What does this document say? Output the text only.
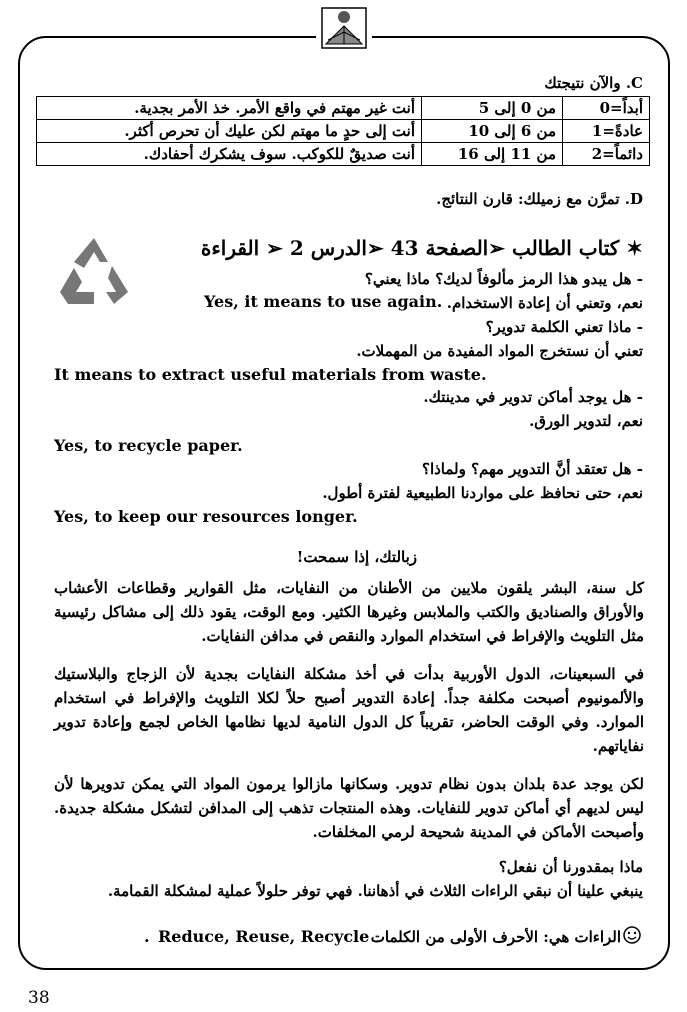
C. والآن نتيجتك
أبداً=0	من 0 إلى 5	أنت غير مهتم في واقع الأمر. خذ الأمر بجدية.
عادةً=1	من 6 إلى 10	أنت إلى حدٍ ما مهتم لكن عليك أن تحرص أكثر.
دائماً=2	من 11 إلى 16	أنت صديقٌ للكوكب. سوف يشكرك أحفادك.
D. تمرَّن مع زميلك: قارن النتائج.
✶ كتاب الطالب ➢الصفحة 43 ➢الدرس 2 ➢ القراءة
- هل يبدو هذا الرمز مألوفاً لديك؟ ماذا يعني؟
نعم، وتعني أن إعادة الاستخدام.
Yes, it means to use again.
- ماذا تعني الكلمة تدوير؟
تعني أن نستخرج المواد المفيدة من المهملات.
It means to extract useful materials from waste.
- هل يوجد أماكن تدوير في مدينتك.
نعم، لتدوير الورق.
Yes, to recycle paper.
- هل تعتقد أنَّ التدوير مهم؟ ولماذا؟
نعم، حتى نحافظ على مواردنا الطبيعية لفترة أطول.
Yes, to keep our resources longer.
زبالتك، إذا سمحت!
كل سنة، البشر يلقون ملايين من الأطنان من النفايات، مثل القوارير وقطاعات الأعشاب والأوراق والصناديق والكتب والملابس وغيرها الكثير. ومع الوقت، يقود ذلك إلى مشاكل رئيسية مثل التلويث والإفراط في استخدام الموارد والنقص في مدافن النفايات.
في السبعينات، الدول الأوربية بدأت في أخذ مشكلة النفايات بجدية لأن الزجاج والبلاستيك والألمونيوم أصبحت مكلفة جداً. إعادة التدوير أصبح حلاً لكلا التلويث والإفراط في استخدام الموارد. وفي الوقت الحاضر، تقريباً كل الدول النامية لديها نظامها الخاص لجمع وإعادة تدوير نفاياتهم.
لكن يوجد عدة بلدان بدون نظام تدوير. وسكانها مازالوا يرمون المواد التي يمكن تدويرها لأن ليس لديهم أي أماكن تدوير للنفايات. وهذه المنتجات تذهب إلى المدافن لتشكل مشكلة جديدة. وأصبحت الأماكن في المدينة شحيحة لرمي المخلفات.
ماذا بمقدورنا أن نفعل؟
ينبغي علينا أن نبقي الراءات الثلاث في أذهاننا. فهي توفر حلولاً عملية لمشكلة القمامة.
الراءات هي: الأحرف الأولى من الكلمات
Reduce, Reuse, Recycle
.
38
